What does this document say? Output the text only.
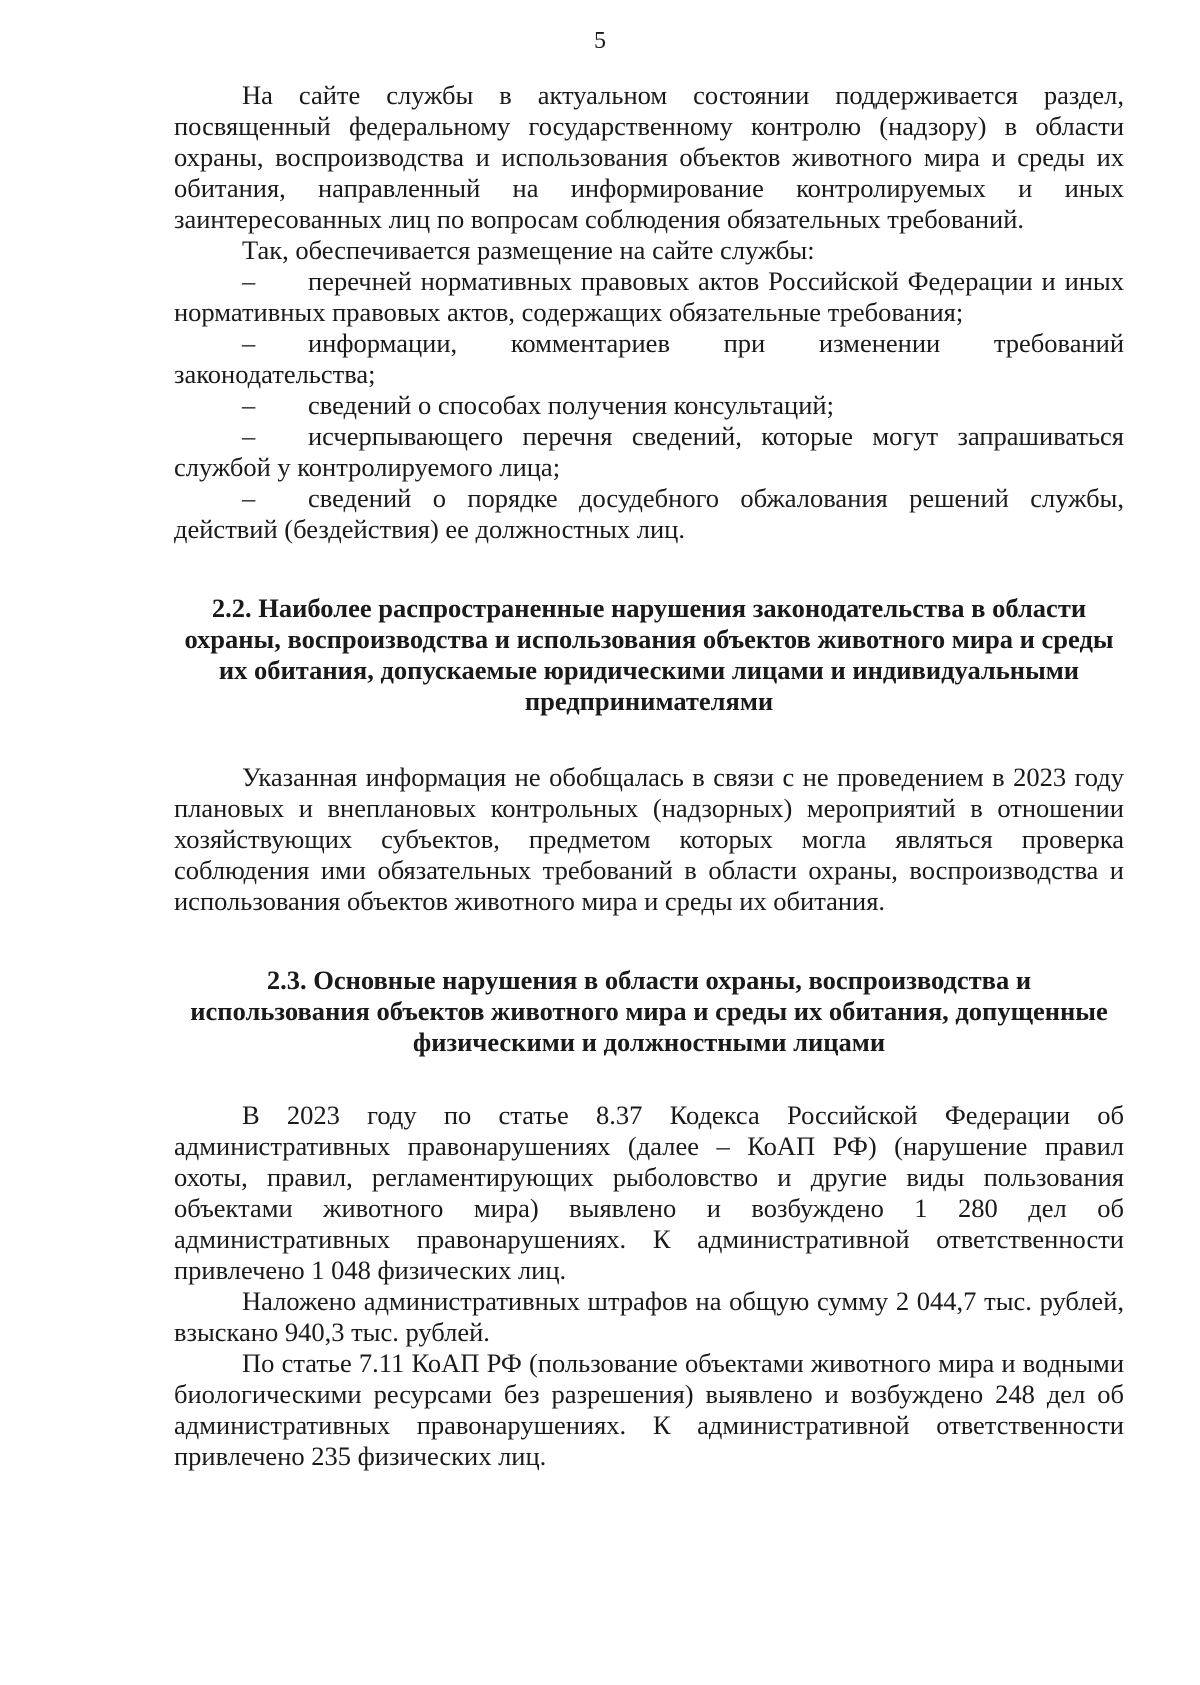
5

На сайте службы в актуальном состоянии поддерживается раздел, посвященный федеральному государственному контролю (надзору) в области охраны, воспроизводства и использования объектов животного мира и среды их обитания, направленный на информирование контролируемых и иных заинтересованных лиц по вопросам соблюдения обязательных требований.

Так, обеспечивается размещение на сайте службы:

– перечней нормативных правовых актов Российской Федерации и иных нормативных правовых актов, содержащих обязательные требования;
– информации, комментариев при изменении требований законодательства;
– сведений о способах получения консультаций;
– исчерпывающего перечня сведений, которые могут запрашиваться службой у контролируемого лица;
– сведений о порядке досудебного обжалования решений службы, действий (бездействия) ее должностных лиц.
2.2. Наиболее распространенные нарушения законодательства в области охраны, воспроизводства и использования объектов животного мира и среды их обитания, допускаемые юридическими лицами и индивидуальными предпринимателями

Указанная информация не обобщалась в связи с не проведением в 2023 году плановых и внеплановых контрольных (надзорных) мероприятий в отношении хозяйствующих субъектов, предметом которых могла являться проверка соблюдения ими обязательных требований в области охраны, воспроизводства и использования объектов животного мира и среды их обитания.

2.3. Основные нарушения в области охраны, воспроизводства и использования объектов животного мира и среды их обитания, допущенные физическими и должностными лицами

В 2023 году по статье 8.37 Кодекса Российской Федерации об административных правонарушениях (далее – КоАП РФ) (нарушение правил охоты, правил, регламентирующих рыболовство и другие виды пользования объектами животного мира) выявлено и возбуждено 1 280 дел об административных правонарушениях. К административной ответственности привлечено 1 048 физических лиц.

Наложено административных штрафов на общую сумму 2 044,7 тыс. рублей, взыскано 940,3 тыс. рублей.

По статье 7.11 КоАП РФ (пользование объектами животного мира и водными биологическими ресурсами без разрешения) выявлено и возбуждено 248 дел об административных правонарушениях. К административной ответственности привлечено 235 физических лиц.
